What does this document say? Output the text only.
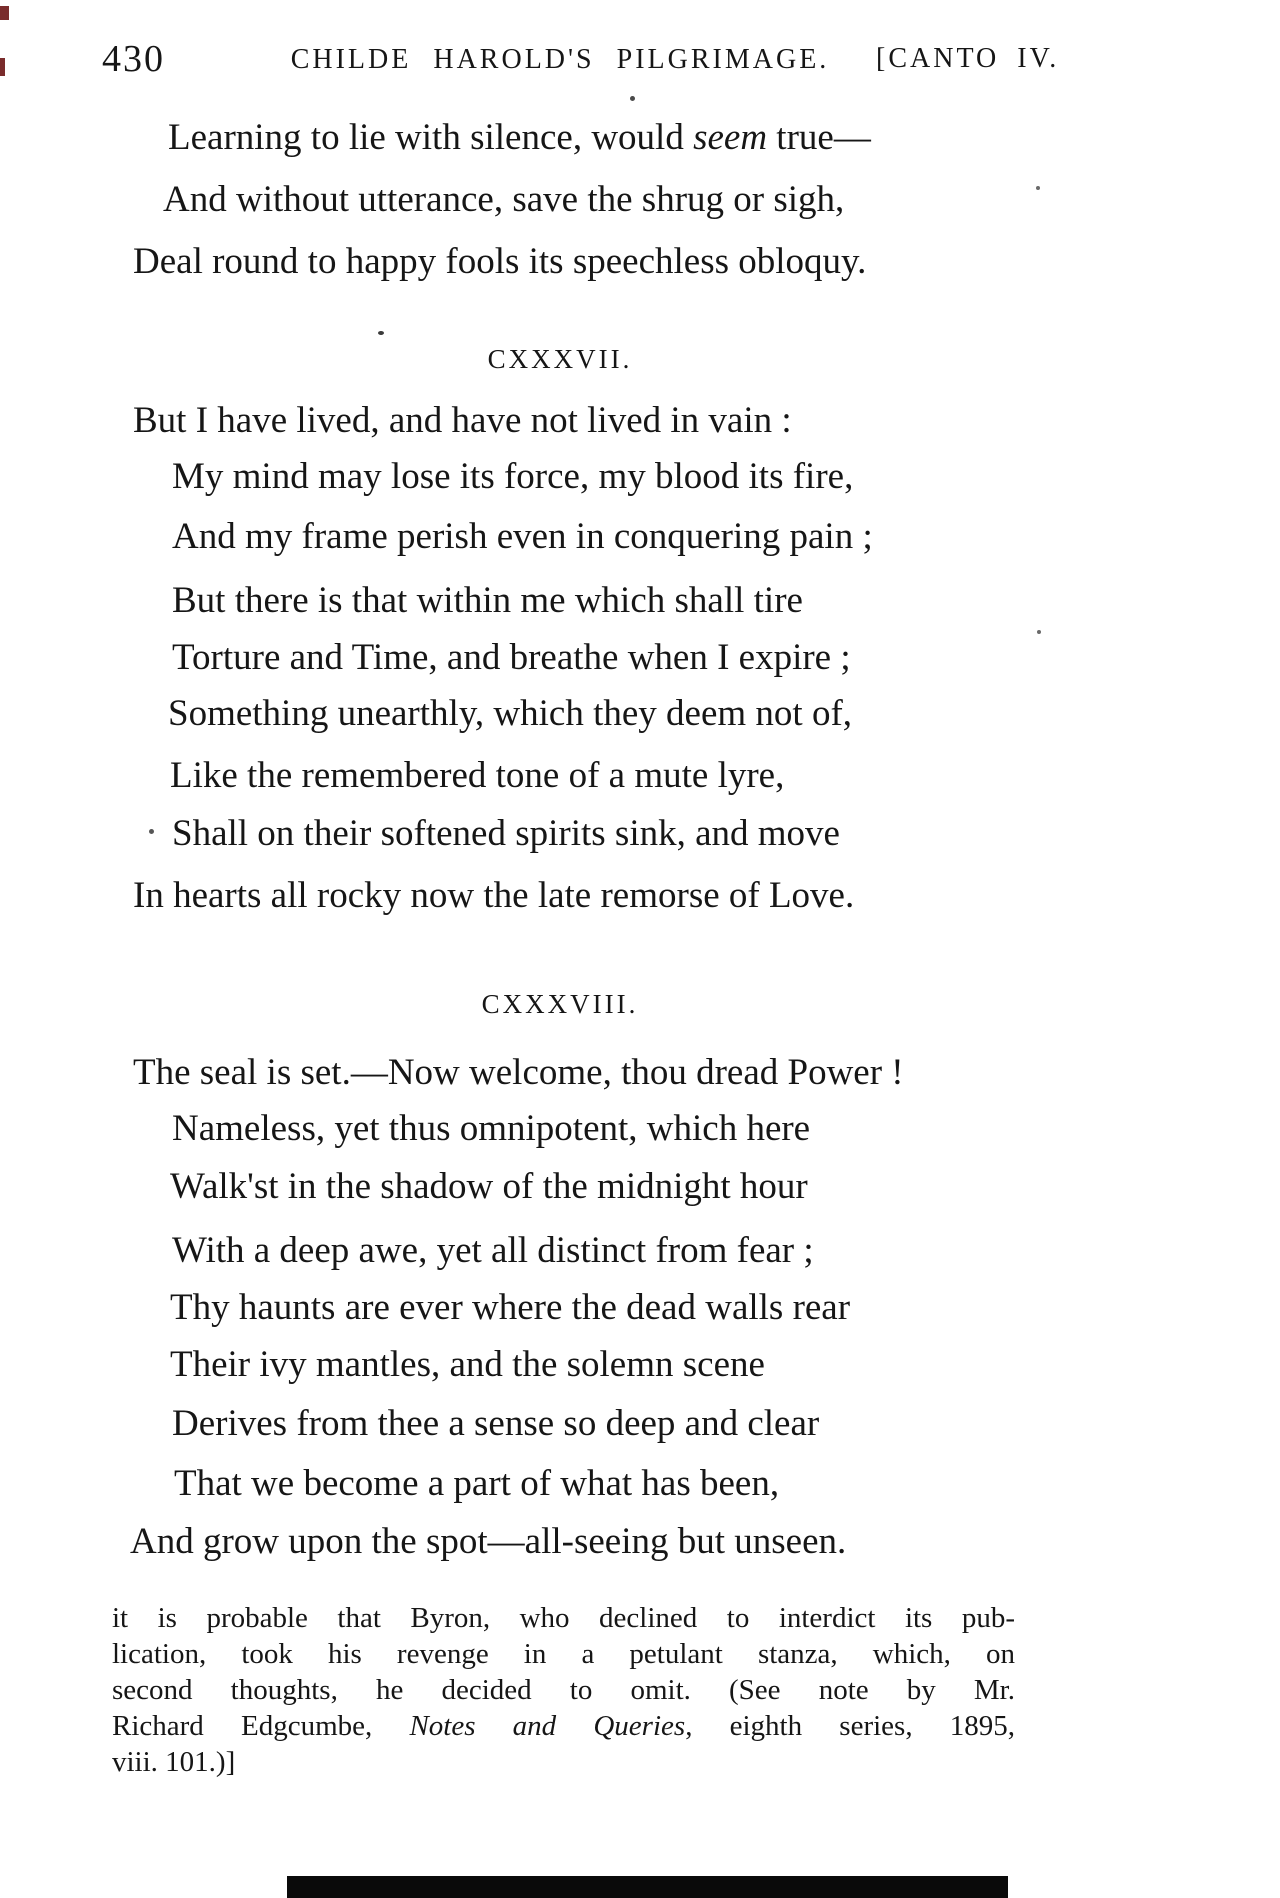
430	CHILDE HAROLD'S PILGRIMAGE.	[CANTO IV.
Learning to lie with silence, would seem true—
And without utterance, save the shrug or sigh,
Deal round to happy fools its speechless obloquy.
CXXXVII.
But I have lived, and have not lived in vain :
My mind may lose its force, my blood its fire,
And my frame perish even in conquering pain ;
But there is that within me which shall tire
Torture and Time, and breathe when I expire ;
Something unearthly, which they deem not of,
Like the remembered tone of a mute lyre,
Shall on their softened spirits sink, and move
In hearts all rocky now the late remorse of Love.
CXXXVIII.
The seal is set.—Now welcome, thou dread Power !
Nameless, yet thus omnipotent, which here
Walk'st in the shadow of the midnight hour
With a deep awe, yet all distinct from fear ;
Thy haunts are ever where the dead walls rear
Their ivy mantles, and the solemn scene
Derives from thee a sense so deep and clear
That we become a part of what has been,
And grow upon the spot—all-seeing but unseen.
it is probable that Byron, who declined to interdict its pub-
lication, took his revenge in a petulant stanza, which, on
second thoughts, he decided to omit. (See note by Mr.
Richard Edgcumbe, Notes and Queries, eighth series, 1895,
viii. 101.)]
